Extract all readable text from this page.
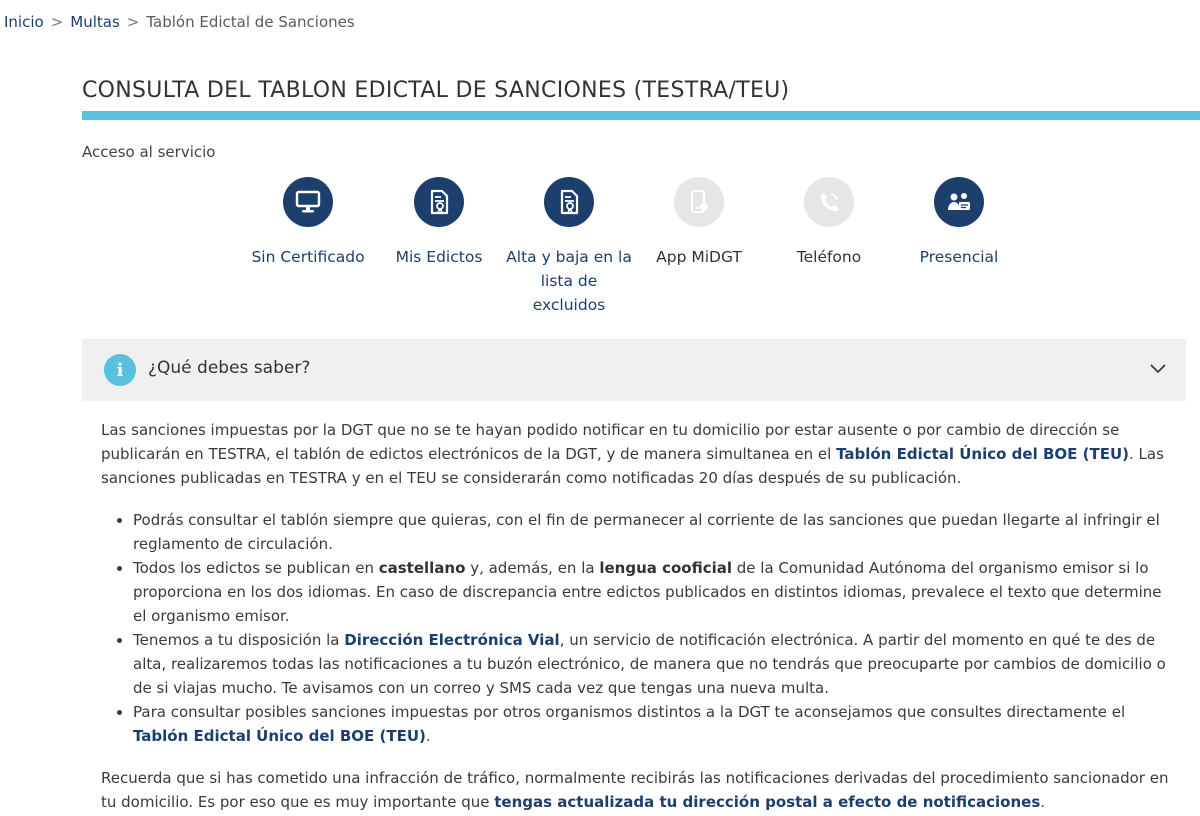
Inicio > Multas > Tablón Edictal de Sanciones
CONSULTA DEL TABLON EDICTAL DE SANCIONES (TESTRA/TEU)
Acceso al servicio
Sin Certificado	Mis Edictos	Alta y baja en la lista de excluidos
App MiDGT	Teléfono	Presencial
i	¿Qué debes saber?

Las sanciones impuestas por la DGT que no se te hayan podido notificar en tu domicilio por estar ausente o por cambio de dirección se publicarán en TESTRA, el tablón de edictos electrónicos de la DGT, y de manera simultanea en el Tablón Edictal Único del BOE (TEU). Las sanciones publicadas en TESTRA y en el TEU se considerarán como notificadas 20 días después de su publicación.

• Podrás consultar el tablón siempre que quieras, con el fin de permanecer al corriente de las sanciones que puedan llegarte al infringir el reglamento de circulación.
• Todos los edictos se publican en castellano y, además, en la lengua cooficial de la Comunidad Autónoma del organismo emisor si lo proporciona en los dos idiomas. En caso de discrepancia entre edictos publicados en distintos idiomas, prevalece el texto que determine el organismo emisor.
• Tenemos a tu disposición la Dirección Electrónica Vial, un servicio de notificación electrónica. A partir del momento en qué te des de alta, realizaremos todas las notificaciones a tu buzón electrónico, de manera que no tendrás que preocuparte por cambios de domicilio o de si viajas mucho. Te avisamos con un correo y SMS cada vez que tengas una nueva multa.
• Para consultar posibles sanciones impuestas por otros organismos distintos a la DGT te aconsejamos que consultes directamente el Tablón Edictal Único del BOE (TEU).

Recuerda que si has cometido una infracción de tráfico, normalmente recibirás las notificaciones derivadas del procedimiento sancionador en tu domicilio. Es por eso que es muy importante que tengas actualizada tu dirección postal a efecto de notificaciones.
